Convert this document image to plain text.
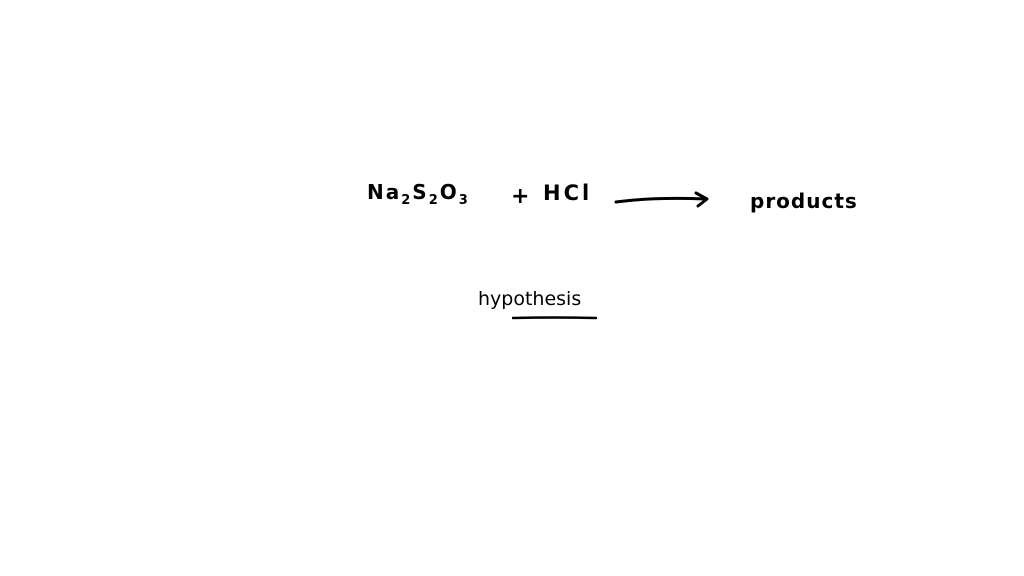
$Na_2S_2O_3$ + HCl	products
hypothesis
